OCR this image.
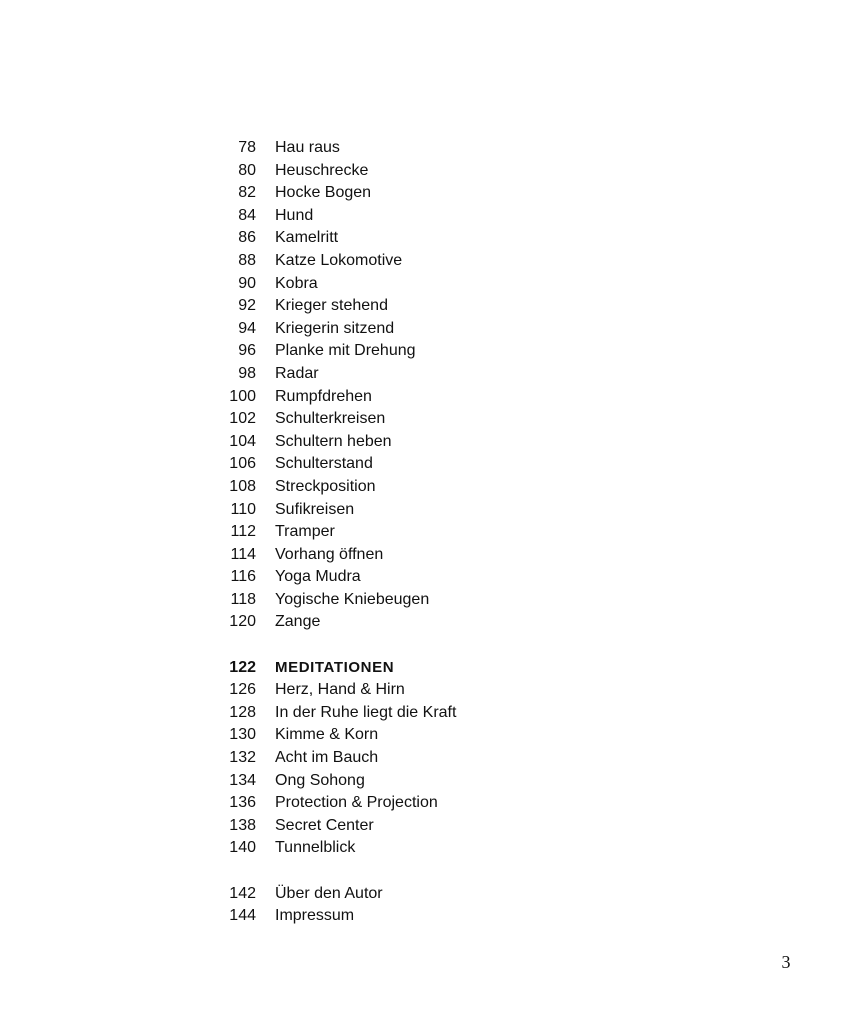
78 Hau raus
80 Heuschrecke
82 Hocke Bogen
84 Hund
86 Kamelritt
88 Katze Lokomotive
90 Kobra
92 Krieger stehend
94 Kriegerin sitzend
96 Planke mit Drehung
98 Radar
100 Rumpfdrehen
102 Schulterkreisen
104 Schultern heben
106 Schulterstand
108 Streckposition
110 Sufikreisen
112 Tramper
114 Vorhang öffnen
116 Yoga Mudra
118 Yogische Kniebeugen
120 Zange
122 MEDITATIONEN
126 Herz, Hand & Hirn
128 In der Ruhe liegt die Kraft
130 Kimme & Korn
132 Acht im Bauch
134 Ong Sohong
136 Protection & Projection
138 Secret Center
140 Tunnelblick
142 Über den Autor
144 Impressum
3
